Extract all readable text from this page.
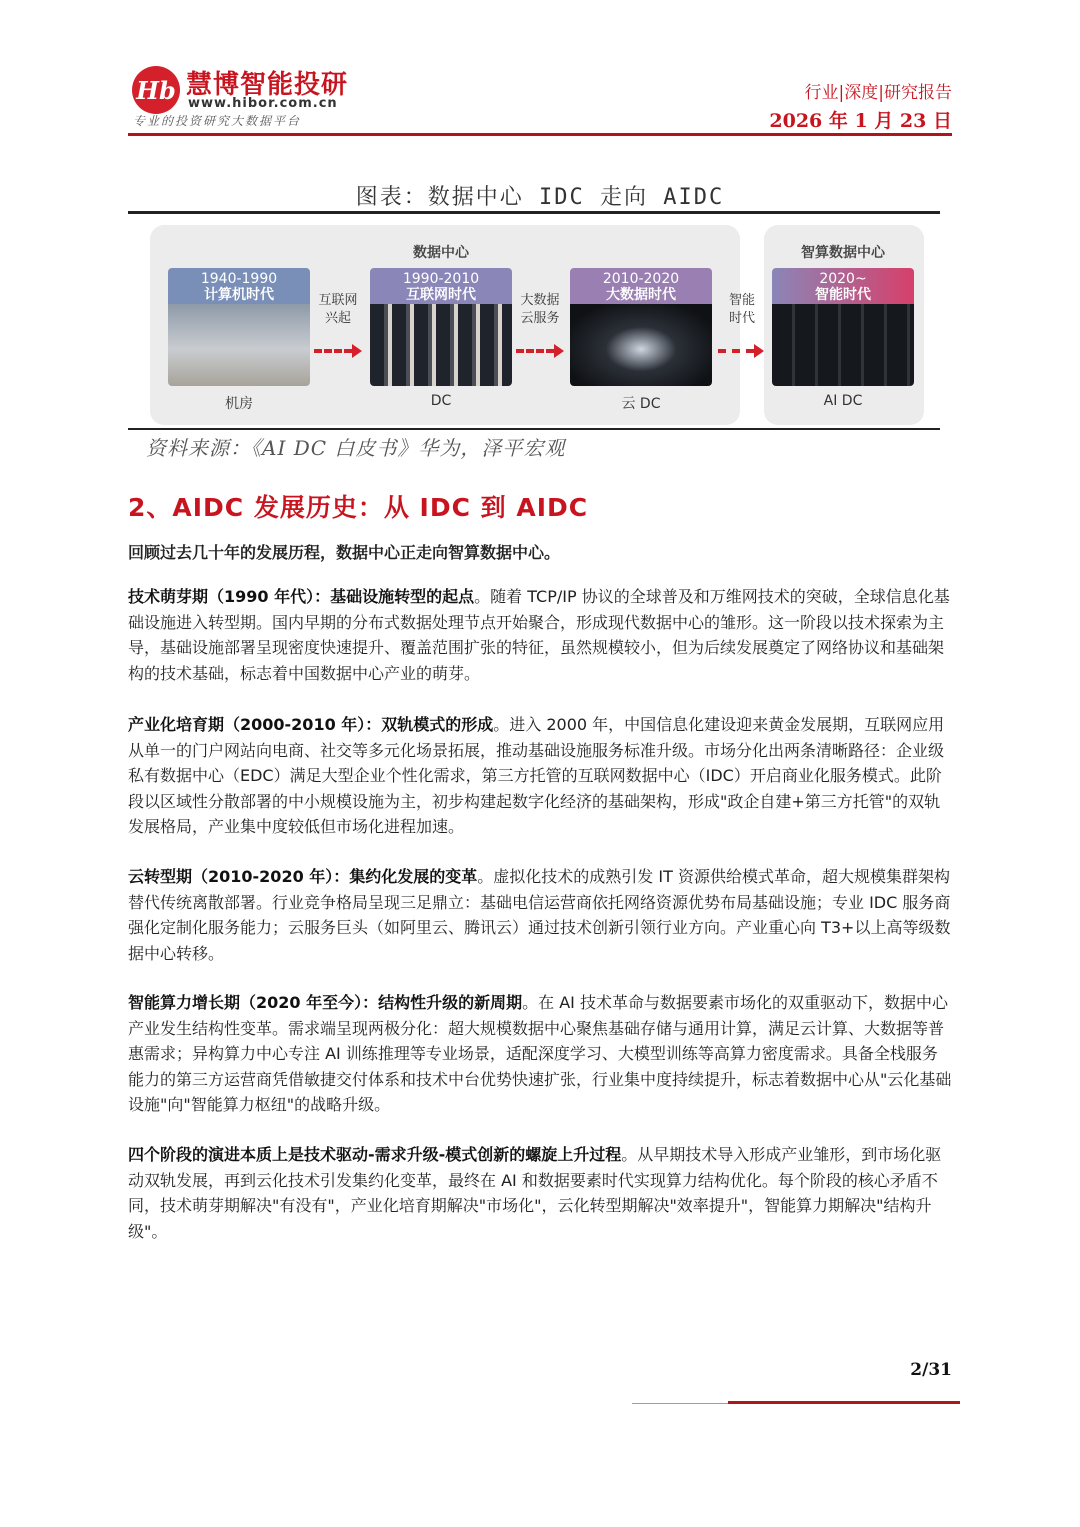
Hb 慧博智能投研
www.hibor.com.cn
专业的投资研究大数据平台
行业|深度|研究报告
2026 年 1 月 23 日
图表：数据中心 IDC 走向 AIDC
数据中心	智算数据中心
1940-1990
计算机时代
机房
互联网
兴起
1990-2010
互联网时代
DC
大数据
云服务
2010-2020
大数据时代
云 DC
智能
时代
2020~
智能时代
AI DC
资料来源：《AI DC 白皮书》华为，泽平宏观
2、AIDC 发展历史：从 IDC 到 AIDC
回顾过去几十年的发展历程，数据中心正走向智算数据中心。
技术萌芽期（1990 年代）：基础设施转型的起点。随着 TCP/IP 协议的全球普及和万维网技术的突破，全球信息化基础设施进入转型期。国内早期的分布式数据处理节点开始聚合，形成现代数据中心的雏形。这一阶段以技术探索为主导，基础设施部署呈现密度快速提升、覆盖范围扩张的特征，虽然规模较小，但为后续发展奠定了网络协议和基础架构的技术基础，标志着中国数据中心产业的萌芽。
产业化培育期（2000-2010 年）：双轨模式的形成。进入 2000 年，中国信息化建设迎来黄金发展期，互联网应用从单一的门户网站向电商、社交等多元化场景拓展，推动基础设施服务标准升级。市场分化出两条清晰路径：企业级私有数据中心（EDC）满足大型企业个性化需求，第三方托管的互联网数据中心（IDC）开启商业化服务模式。此阶段以区域性分散部署的中小规模设施为主，初步构建起数字化经济的基础架构，形成"政企自建+第三方托管"的双轨发展格局，产业集中度较低但市场化进程加速。
云转型期（2010-2020 年）：集约化发展的变革。虚拟化技术的成熟引发 IT 资源供给模式革命，超大规模集群架构替代传统离散部署。行业竞争格局呈现三足鼎立：基础电信运营商依托网络资源优势布局基础设施；专业 IDC 服务商强化定制化服务能力；云服务巨头（如阿里云、腾讯云）通过技术创新引领行业方向。产业重心向 T3+以上高等级数据中心转移。
智能算力增长期（2020 年至今）：结构性升级的新周期。在 AI 技术革命与数据要素市场化的双重驱动下，数据中心产业发生结构性变革。需求端呈现两极分化：超大规模数据中心聚焦基础存储与通用计算，满足云计算、大数据等普惠需求；异构算力中心专注 AI 训练推理等专业场景，适配深度学习、大模型训练等高算力密度需求。具备全栈服务能力的第三方运营商凭借敏捷交付体系和技术中台优势快速扩张，行业集中度持续提升，标志着数据中心从"云化基础设施"向"智能算力枢纽"的战略升级。
四个阶段的演进本质上是技术驱动-需求升级-模式创新的螺旋上升过程。从早期技术导入形成产业雏形，到市场化驱动双轨发展，再到云化技术引发集约化变革，最终在 AI 和数据要素时代实现算力结构优化。每个阶段的核心矛盾不同，技术萌芽期解决"有没有"，产业化培育期解决"市场化"，云化转型期解决"效率提升"，智能算力期解决"结构升级"。
2/31
